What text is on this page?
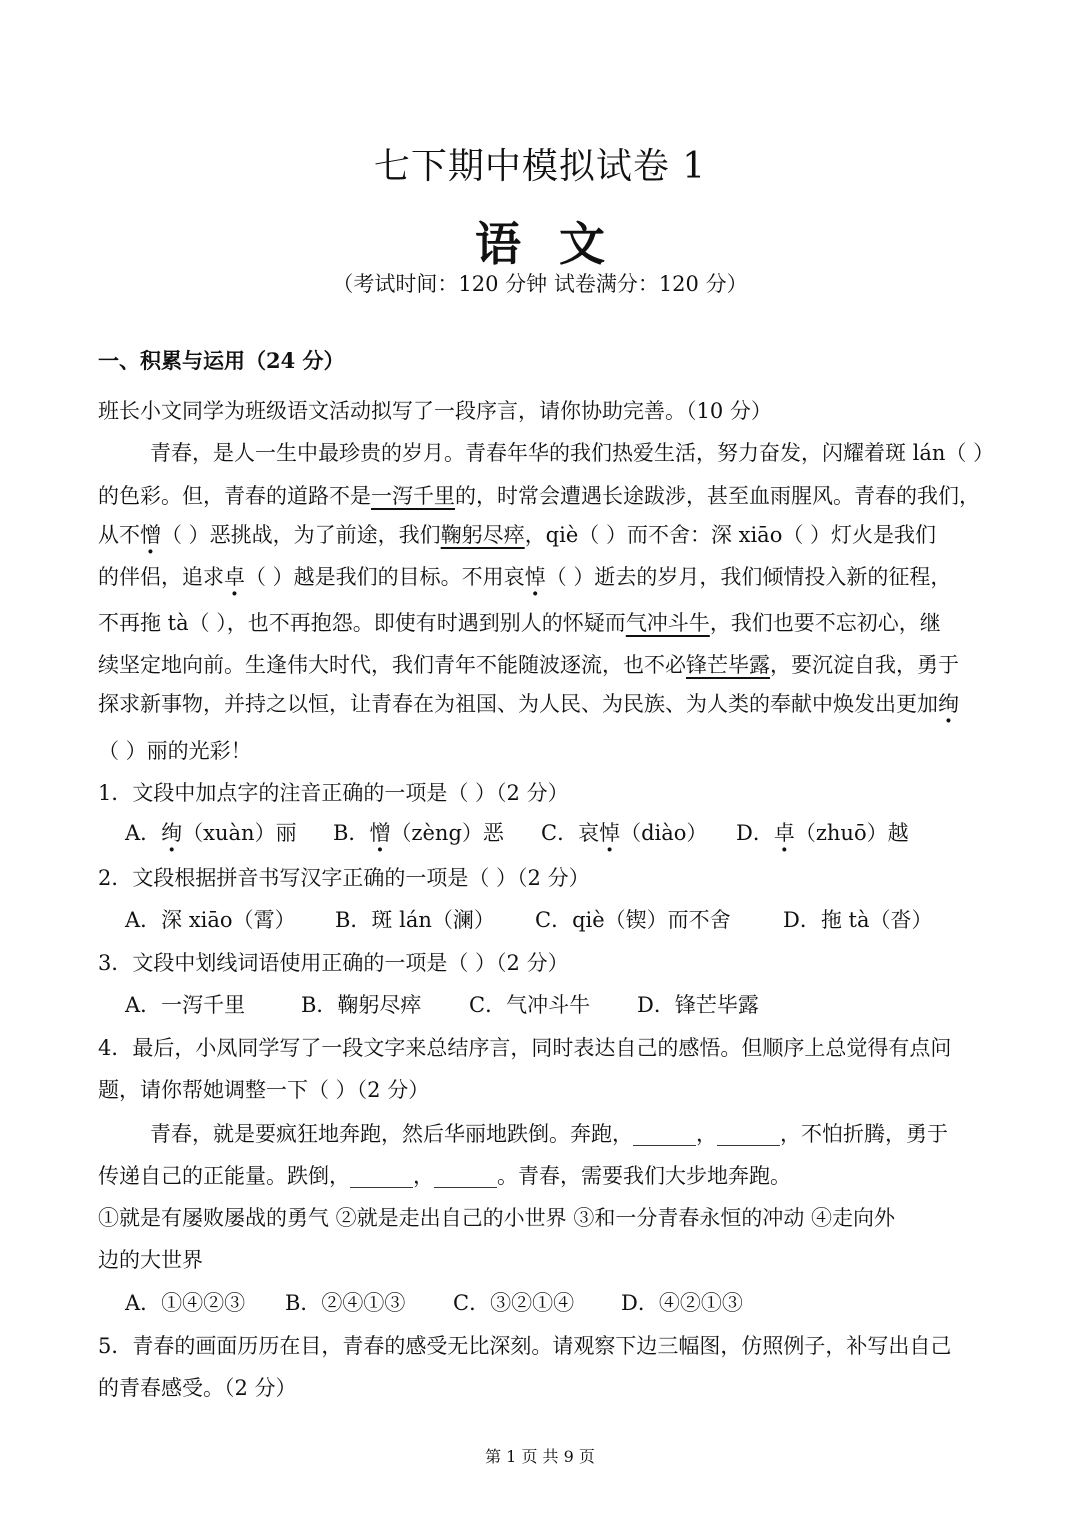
七下期中模拟试卷 1
语文
（考试时间：120 分钟 试卷满分：120 分）
一、积累与运用（24 分）
班长小文同学为班级语文活动拟写了一段序言，请你协助完善。（10 分）
青春，是人一生中最珍贵的岁月。青春年华的我们热爱生活，努力奋发，闪耀着斑 lán（ ）
的色彩。但，青春的道路不是一泻千里的，时常会遭遇长途跋涉，甚至血雨腥风。青春的我们，
从不憎（ ）恶挑战，为了前途，我们鞠躬尽瘁，qiè（ ）而不舍：深 xiāo（ ）灯火是我们
的伴侣，追求卓（ ）越是我们的目标。不用哀悼（ ）逝去的岁月，我们倾情投入新的征程，
不再拖 tà（ ），也不再抱怨。即使有时遇到别人的怀疑而气冲斗牛，我们也要不忘初心，继
续坚定地向前。生逢伟大时代，我们青年不能随波逐流，也不必锋芒毕露，要沉淀自我，勇于
探求新事物，并持之以恒，让青春在为祖国、为人民、为民族、为人类的奉献中焕发出更加绚
（ ）丽的光彩！
1．文段中加点字的注音正确的一项是（ ）（2 分）
A．绚（xuàn）丽 B．憎（zèng）恶 C．哀悼（diào） D．卓（zhuō）越
2．文段根据拼音书写汉字正确的一项是（ ）（2 分）
A．深 xiāo（霄） B．斑 lán（澜） C．qiè（锲）而不舍 D．拖 tà（沓）
3．文段中划线词语使用正确的一项是（ ）（2 分）
A．一泻千里	B．鞠躬尽瘁 C．气冲斗牛 D．锋芒毕露
4．最后，小凤同学写了一段文字来总结序言，同时表达自己的感悟。但顺序上总觉得有点问
题，请你帮她调整一下（ ）（2 分）
青春，就是要疯狂地奔跑，然后华丽地跌倒。奔跑，______，______，不怕折腾，勇于
传递自己的正能量。跌倒，______，______。青春，需要我们大步地奔跑。
①就是有屡败屡战的勇气 ②就是走出自己的小世界 ③和一分青春永恒的冲动 ④走向外
边的大世界
A．①④②③ B．②④①③ C．③②①④ D．④②①③
5．青春的画面历历在目，青春的感受无比深刻。请观察下边三幅图，仿照例子，补写出自己
的青春感受。（2 分）
第 1 页 共 9 页
